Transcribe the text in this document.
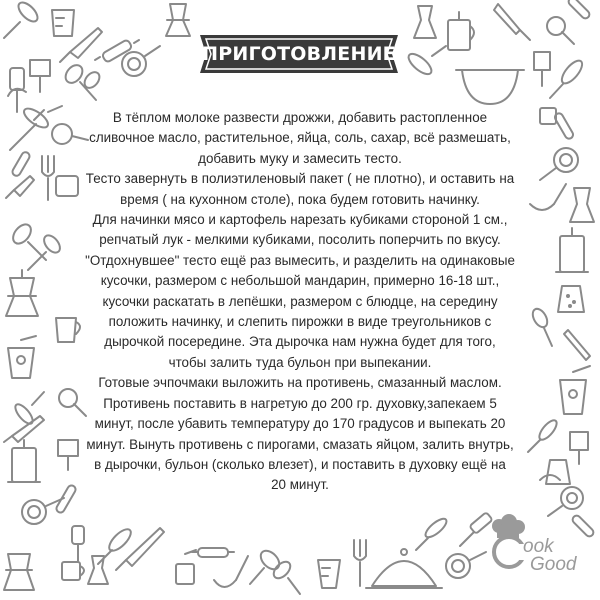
ПРИГОТОВЛЕНИЕ
В тёплом молоке развести дрожжи, добавить растопленное
сливочное масло, растительное, яйца, соль, сахар, всё размешать,
добавить муку и замесить тесто.
Тесто завернуть в полиэтиленовый пакет ( не плотно), и оставить на
время ( на кухонном столе), пока будем готовить начинку.
Для начинки мясо и картофель нарезать кубиками стороной 1 см.,
репчатый лук - мелкими кубиками, посолить поперчить по вкусу.
"Отдохнувшее" тесто ещё раз вымесить, и разделить на одинаковые
кусочки, размером с небольшой мандарин, примерно 16-18 шт.,
кусочки раскатать в лепёшки, размером с блюдце, на середину
положить начинку, и слепить пирожки в виде треугольников с
дырочкой посередине. Эта дырочка нам нужна будет для того,
чтобы залить туда бульон при выпекании.
Готовые эчпочмаки выложить на противень, смазанный маслом.
Противень поставить в нагретую до 200 гр. духовку,запекаем 5
минут, после убавить температуру до 170 градусов и выпекать 20
минут. Вынуть противень с пирогами, смазать яйцом, залить внутрь,
в дырочки, бульон (сколько влезет), и поставить в духовку ещё на
20 минут.
ook
Good
